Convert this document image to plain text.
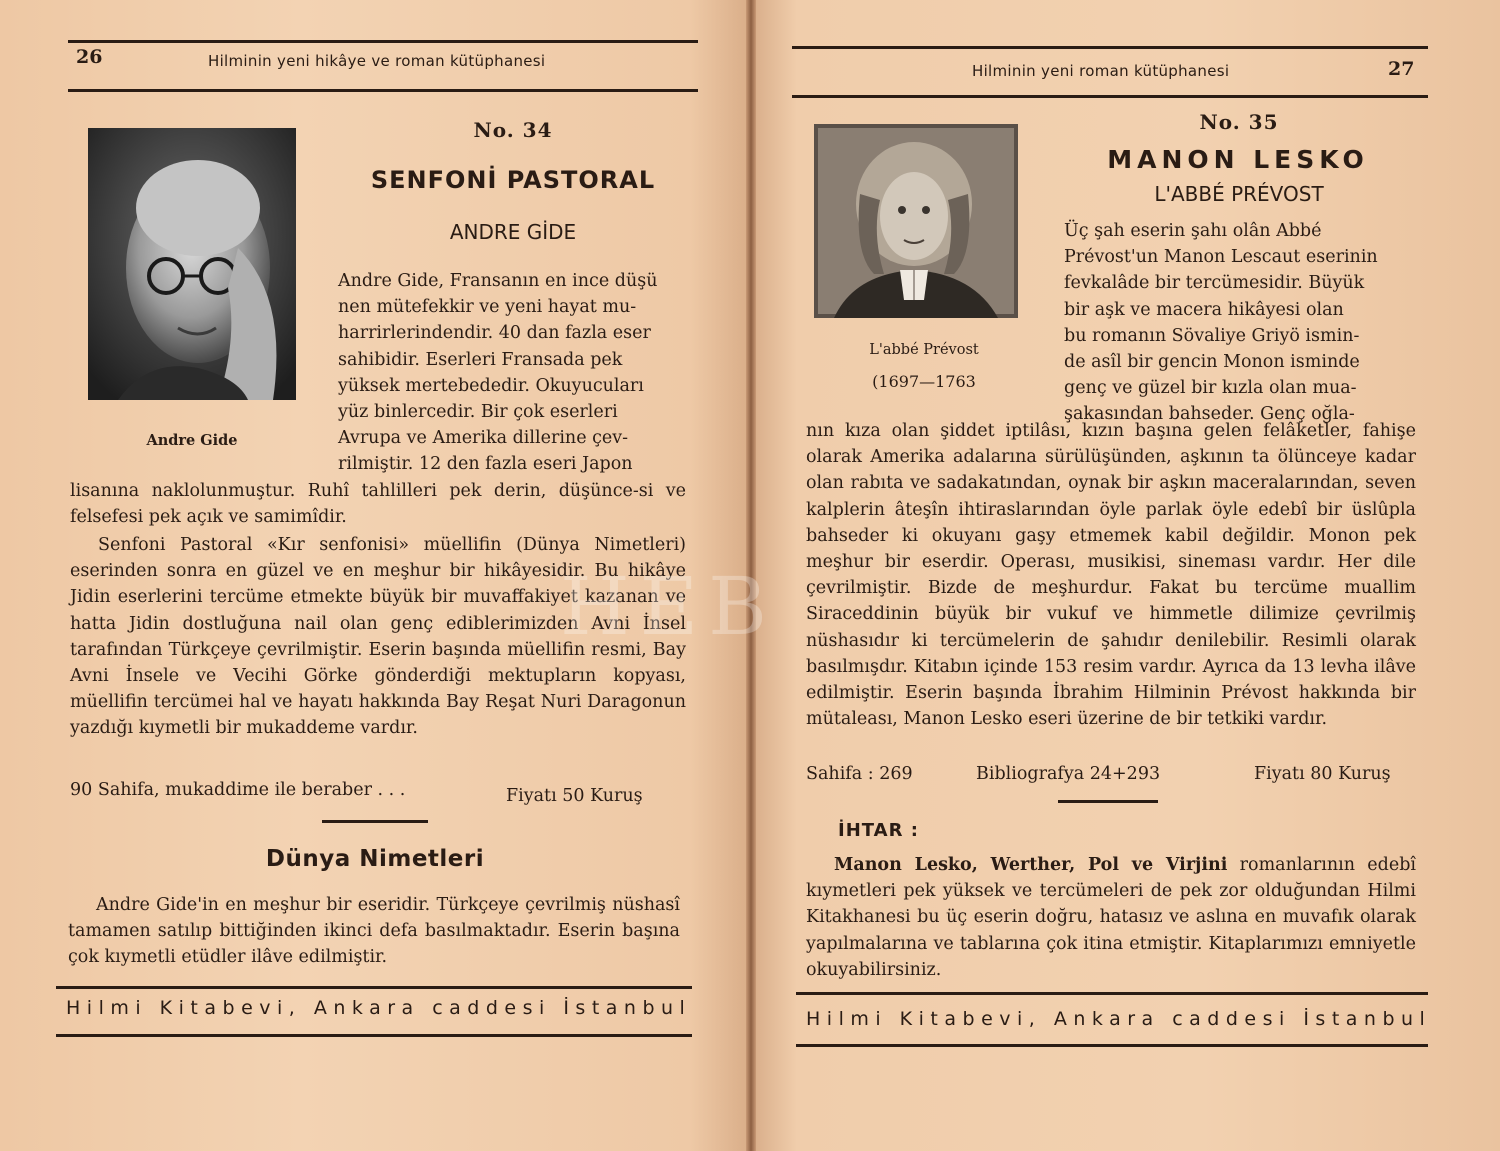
26	Hilminin yeni hikâye ve roman kütüphanesi
Andre Gide
No. 34
SENFONİ PASTORAL
ANDRE GİDE
Andre Gide, Fransanın en ince düşü
nen mütefekkir ve yeni hayat mu-
harrirlerindendir. 40 dan fazla eser
sahibidir. Eserleri Fransada pek
yüksek mertebededir. Okuyucuları
yüz binlercedir. Bir çok eserleri
Avrupa ve Amerika dillerine çev-
rilmiştir. 12 den fazla eseri Japon
lisanına naklolunmuştur. Ruhî tahlilleri pek derin, düşünce-si ve felsefesi pek açık ve samimîdir.
Senfoni Pastoral «Kır senfonisi» müellifin (Dünya Nimetleri) eserinden sonra en güzel ve en meşhur bir hikâyesidir. Bu hikâye Jidin eserlerini tercüme etmekte büyük bir muvaffakiyet kazanan ve hatta Jidin dostluğuna nail olan genç ediblerimizden Avni İnsel tarafından Türkçeye çevrilmiştir. Eserin başında müellifin resmi, Bay Avni İnsele ve Vecihi Görke gönderdiği mektupların kopyası, müellifin tercümei hal ve hayatı hakkında Bay Reşat Nuri Daragonun yazdığı kıymetli bir mukaddeme vardır.
90 Sahifa, mukaddime ile beraber . . .	Fiyatı 50 Kuruş
Dünya Nimetleri
Andre Gide'in en meşhur bir eseridir. Türkçeye çevrilmiş nüshasî tamamen satılıp bittiğinden ikinci defa basılmaktadır. Eserin başına çok kıymetli etüdler ilâve edilmiştir.
Hilmi Kitabevi, Ankara caddesi İstanbul
Hilminin yeni roman kütüphanesi	27
L'abbé Prévost
(1697—1763
No. 35
MANON LESKO
L'ABBÉ PRÉVOST
Üç şah eserin şahı olân Abbé
Prévost'un Manon Lescaut eserinin
fevkalâde bir tercümesidir. Büyük
bir aşk ve macera hikâyesi olan
bu romanın Sövaliye Griyö ismin-
de asîl bir gencin Monon isminde
genç ve güzel bir kızla olan mua-
şakasından bahseder. Genç oğla-
nın kıza olan şiddet iptilâsı, kızın başına gelen felâketler, fahişe olarak Amerika adalarına sürülüşünden, aşkının ta ölünceye kadar olan rabıta ve sadakatından, oynak bir aşkın maceralarından, seven kalplerin âteşîn ihtiraslarından öyle parlak öyle edebî bir üslûpla bahseder ki okuyanı gaşy etmemek kabil değildir. Monon pek meşhur bir eserdir. Operası, musikisi, sineması vardır. Her dile çevrilmiştir. Bizde de meşhurdur. Fakat bu tercüme muallim Siraceddinin büyük bir vukuf ve himmetle dilimize çevrilmiş nüshasıdır ki tercümelerin de şahıdır denilebilir. Resimli olarak basılmışdır. Kitabın içinde 153 resim vardır. Ayrıca da 13 levha ilâve edilmiştir. Eserin başında İbrahim Hilminin Prévost hakkında bir mütaleası, Manon Lesko eseri üzerine de bir tetkiki vardır.
Sahifa : 269	Bibliografya 24+293	Fiyatı 80 Kuruş
İHTAR :
Manon Lesko, Werther, Pol ve Virjini romanlarının edebî kıymetleri pek yüksek ve tercümeleri de pek zor olduğundan Hilmi Kitakhanesi bu üç eserin doğru, hatasız ve aslına en muvafık olarak yapılmalarına ve tablarına çok itina etmiştir. Kitaplarımızı emniyetle okuyabilirsiniz.
Hilmi Kitabevi, Ankara caddesi İstanbul
HEB
